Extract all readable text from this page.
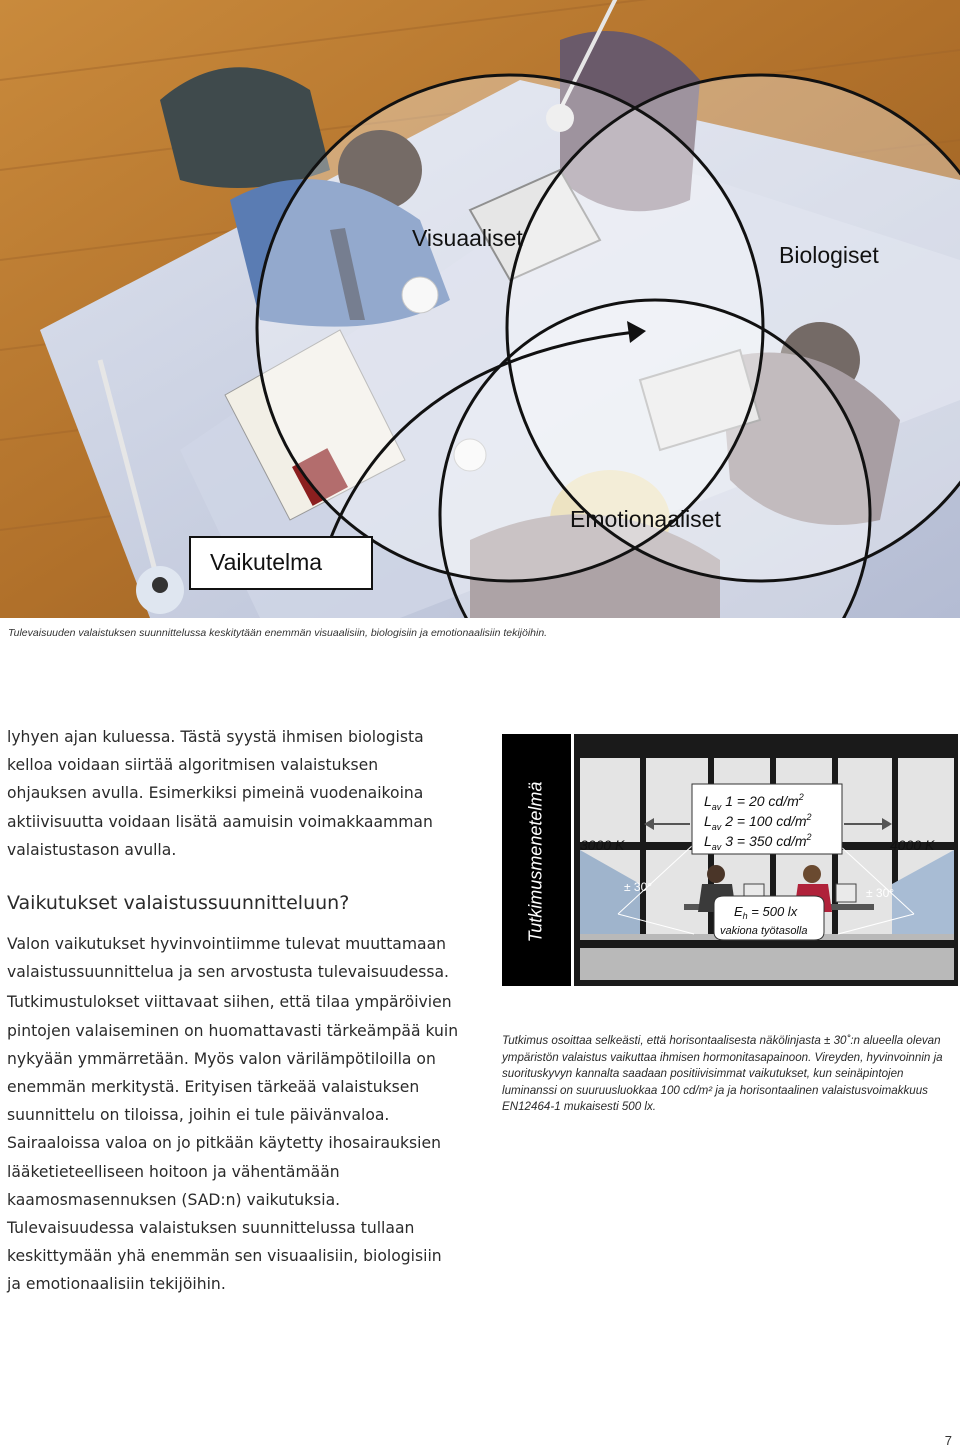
Visuaaliset
Biologiset
Emotionaaliset
Vaikutelma

Tulevaisuuden valaistuksen suunnittelussa keskitytään enemmän visuaalisiin, biologisiin ja emotionaalisiin tekijöihin.

lyhyen ajan kuluessa. Tästä syystä ihmisen biologista kelloa voidaan siirtää algoritmisen valaistuksen ohjauksen avulla. Esimerkiksi pimeinä vuodenaikoina aktiivisuutta voidaan lisätä aamuisin voimakkaamman valaistustason avulla.

Vaikutukset valaistussuunnitteluun?

Valon vaikutukset hyvinvointiimme tulevat muuttamaan valaistussuunnittelua ja sen arvostusta tulevaisuudessa.

Tutkimustulokset viittavaat siihen, että tilaa ympäröivien pintojen valaiseminen on huomattavasti tärkeämpää kuin nykyään ymmärretään. Myös valon värilämpötiloilla on enemmän merkitystä. Erityisen tärkeää valaistuksen suunnittelu on tiloissa, joihin ei tule päivänvaloa. Sairaaloissa valoa on jo pitkään käytetty ihosairauksien lääketieteelliseen hoitoon ja vähentämään kaamosmasennuksen (SAD:n) vaikutuksia. Tulevaisuudessa valaistuksen suunnittelussa tullaan keskittymään yhä enemmän sen visuaalisiin, biologisiin ja emotionaalisiin tekijöihin.

Tutkimusmenetelmä 3000 K	4000 K
$L_{av}$ 1 = 20 $cd/m^2$
$L_{av}$ 2 = 100 $cd/m^2$
$L_{av}$ 3 = 350 $cd/m^2$
± 30°	± 30°
$E_h = 500$ lx
vakiona työtasolla

Tutkimus osoittaa selkeästi, että horisontaalisesta näkölinjasta ± 30˚:n alueella olevan ympäristön valaistus vaikuttaa ihmisen hormonitasapainoon. Vireyden, hyvinvoinnin ja suorituskyvyn kannalta saadaan positiivisimmat vaikutukset, kun seinäpintojen luminanssi on suuruusluokkaa 100 cd/m² ja ja horisontaalinen valaistusvoimakkuus EN12464-1 mukaisesti 500 lx.

7
